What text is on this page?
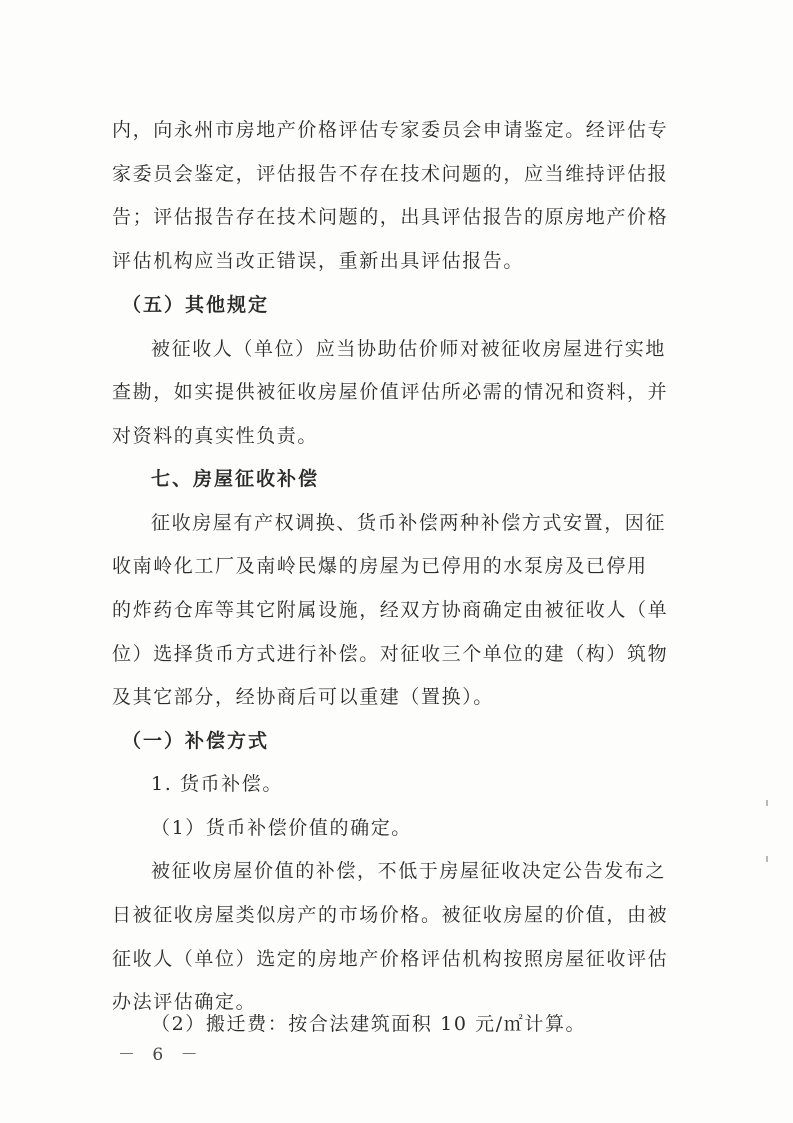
内，向永州市房地产价格评估专家委员会申请鉴定。经评估专
家委员会鉴定，评估报告不存在技术问题的，应当维持评估报
告；评估报告存在技术问题的，出具评估报告的原房地产价格
评估机构应当改正错误，重新出具评估报告。
（五）其他规定
被征收人（单位）应当协助估价师对被征收房屋进行实地
查勘，如实提供被征收房屋价值评估所必需的情况和资料，并
对资料的真实性负责。
七、房屋征收补偿
征收房屋有产权调换、货币补偿两种补偿方式安置，因征
收南岭化工厂及南岭民爆的房屋为已停用的水泵房及已停用
的炸药仓库等其它附属设施，经双方协商确定由被征收人（单
位）选择货币方式进行补偿。对征收三个单位的建（构）筑物
及其它部分，经协商后可以重建（置换）。
（一）补偿方式
1. 货币补偿。
（1）货币补偿价值的确定。
被征收房屋价值的补偿，不低于房屋征收决定公告发布之
日被征收房屋类似房产的市场价格。被征收房屋的价值，由被
征收人（单位）选定的房地产价格评估机构按照房屋征收评估
办法评估确定。
（2）搬迁费：按合法建筑面积 10 元/㎡计算。
－ 6 －
